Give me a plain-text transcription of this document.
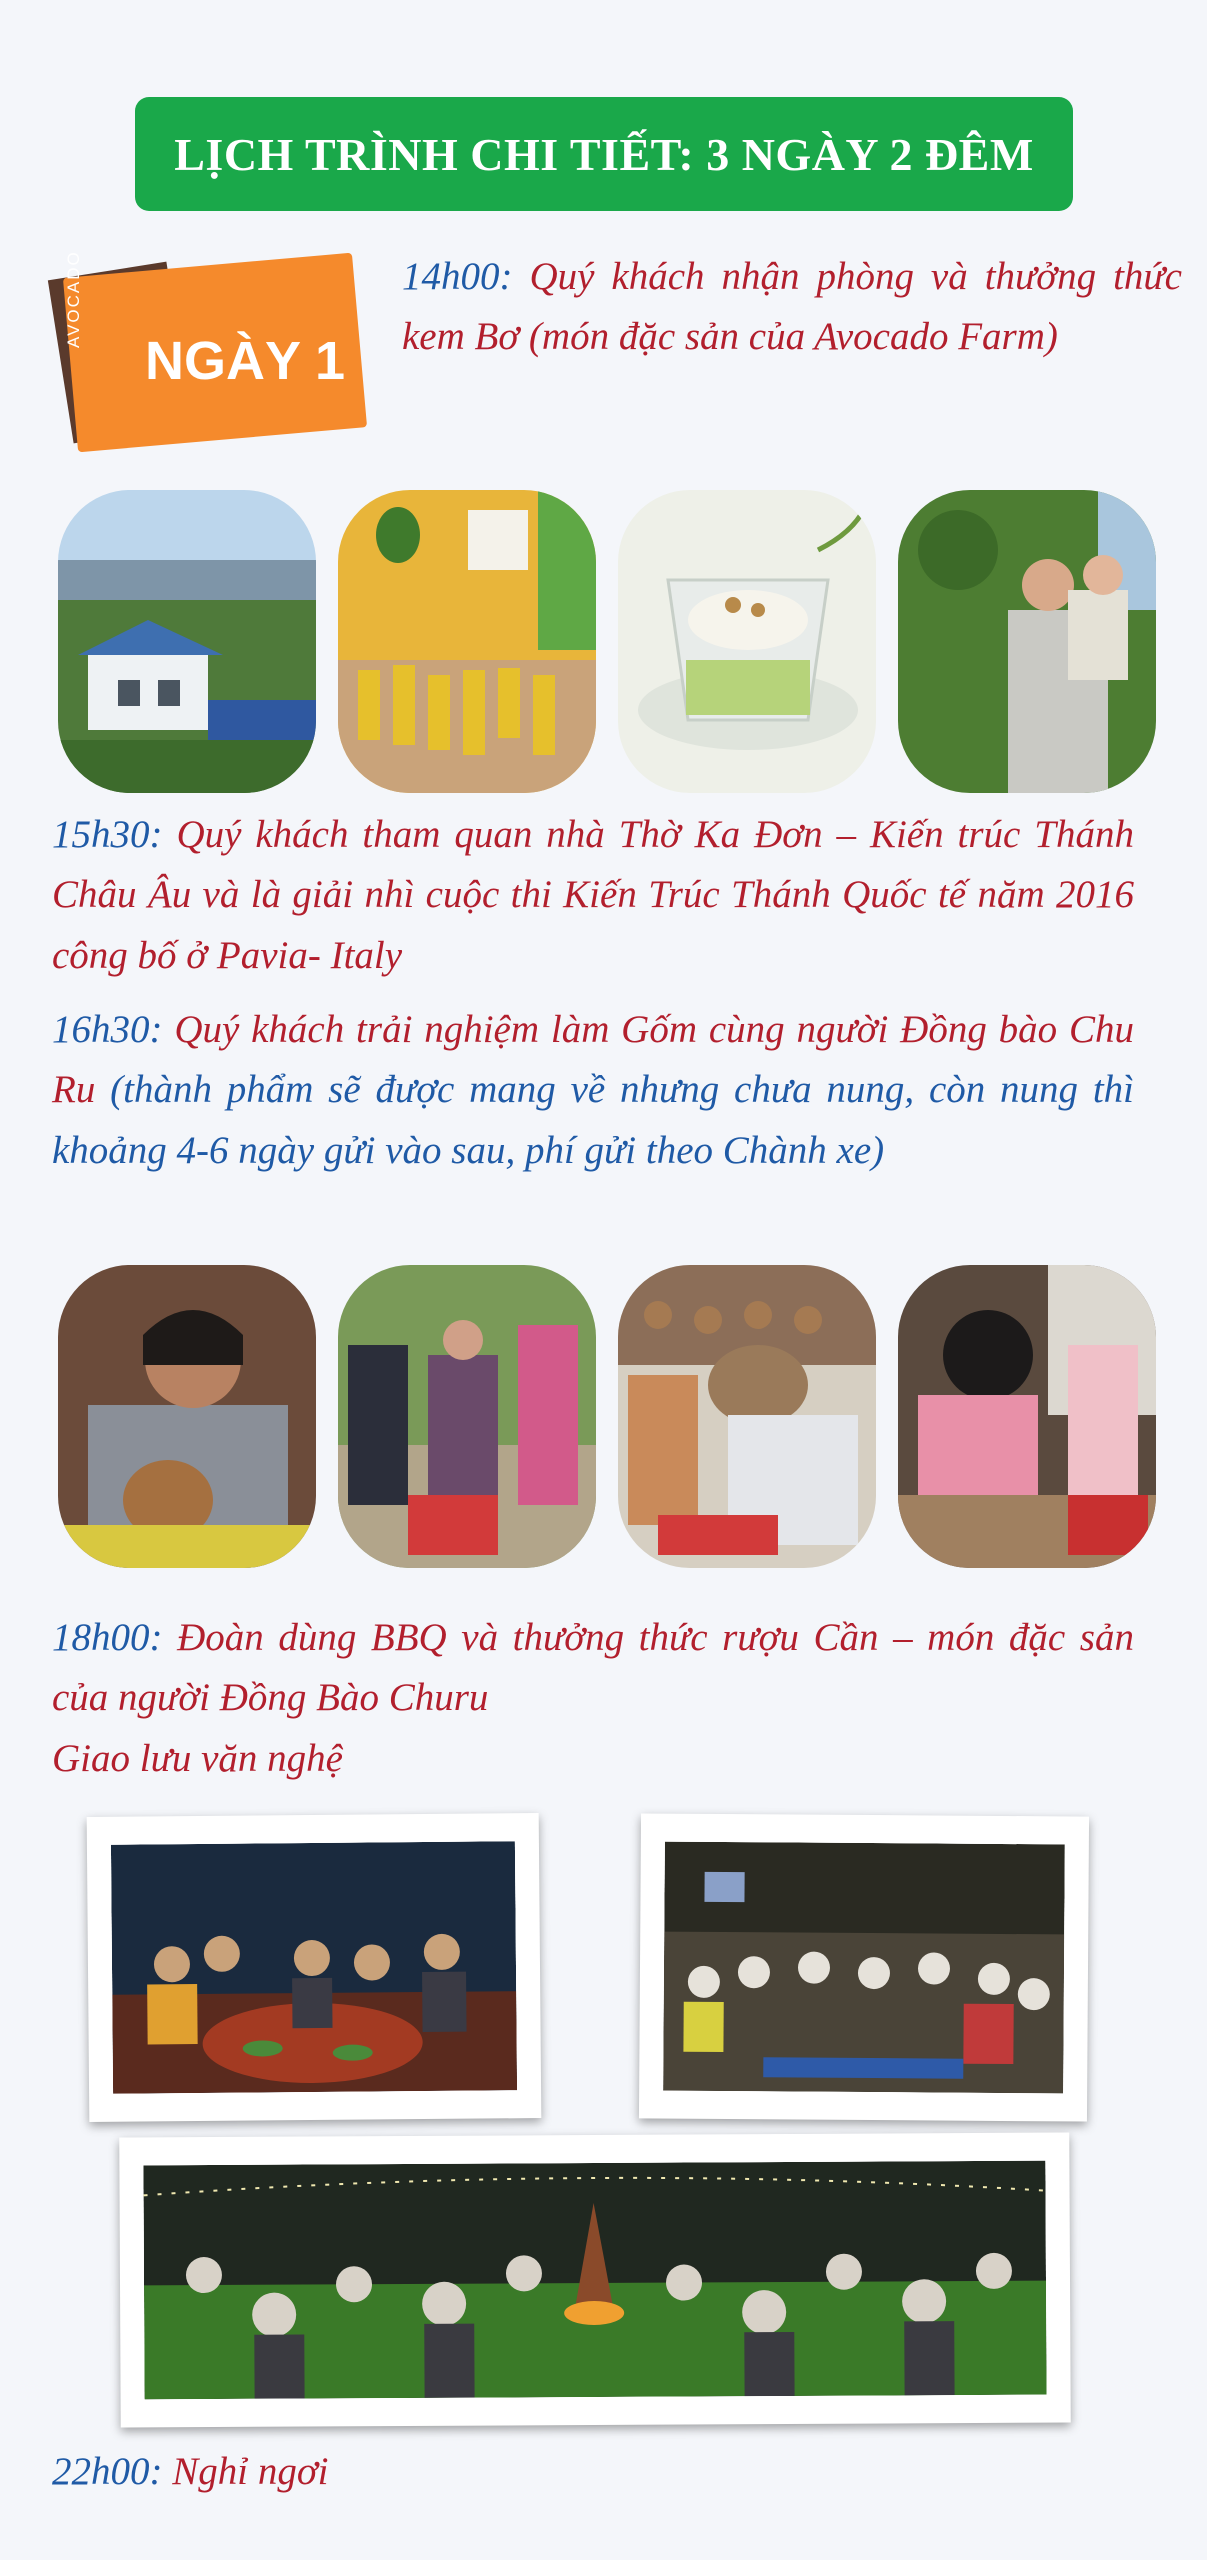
LỊCH TRÌNH CHI TIẾT: 3 NGÀY 2 ĐÊM
AVOCADO
NGÀY 1
14h00: Quý khách nhận phòng và thưởng thức kem Bơ (món đặc sản của Avocado Farm)
15h30: Quý khách tham quan nhà Thờ Ka Đơn – Kiến trúc Thánh Châu Âu và là giải nhì cuộc thi Kiến Trúc Thánh Quốc tế năm 2016 công bố ở Pavia- Italy
16h30: Quý khách trải nghiệm làm Gốm cùng người Đồng bào Chu Ru (thành phẩm sẽ được mang về nhưng chưa nung, còn nung thì khoảng 4-6 ngày gửi vào sau, phí gửi theo Chành xe)
18h00: Đoàn dùng BBQ và thưởng thức rượu Cần – món đặc sản của người Đồng Bào Churu
Giao lưu văn nghệ
22h00: Nghỉ ngơi
